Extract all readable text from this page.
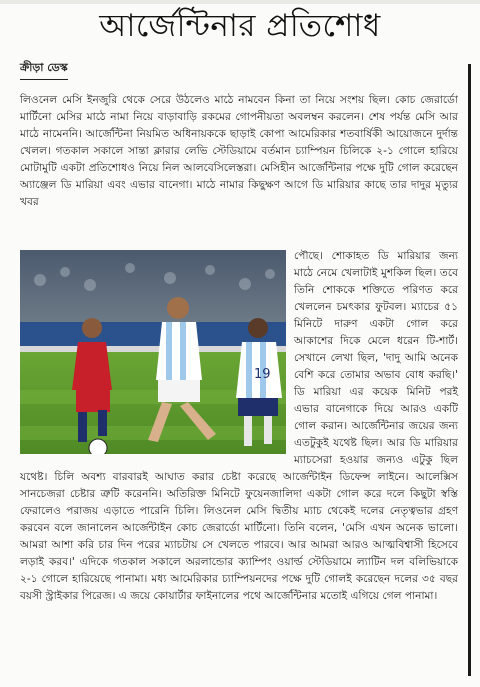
আর্জেন্টিনার প্রতিশোধ
ক্রীড়া ডেস্ক

লিওনেল মেসি ইনজুরি থেকে সেরে উঠলেও মাঠে নামবেন কিনা তা নিয়ে সংশয় ছিল। কোচ জেরার্ডো মার্টিনো মেসির মাঠে নামা নিয়ে বাড়াবাড়ি রকমের গোপনীয়তা অবলম্বন করলেন। শেষ পর্যন্ত মেসি আর মাঠে নামেননি। আর্জেন্টিনা নিয়মিত অধিনায়ককে ছাড়াই কোপা আমেরিকার শতবার্ষিকী আয়োজনে দুর্দান্ত খেলল। গতকাল সকালে সান্তা ক্লারার লেভি স্টেডিয়ামে বর্তমান চ্যাম্পিয়ন চিলিকে ২-১ গোলে হারিয়ে মোটামুটি একটা প্রতিশোধও নিয়ে নিল আলবেসিলেস্তরা। মেসিহীন আর্জেন্টিনার পক্ষে দুটি গোল করেছেন অ্যাঞ্জেল ডি মারিয়া এবং এভার বানেগা। মাঠে নামার কিছুক্ষণ আগে ডি মারিয়ার কাছে তার দাদুর মৃত্যুর খবর

19
পৌছে। শোকাহত ডি মারিয়ার জন্য মাঠে নেমে খেলাটাই মুশকিল ছিল। তবে তিনি শোককে শক্তিতে পরিণত করে খেললেন চমৎকার ফুটবল। ম্যাচের ৫১ মিনিটে দারুণ একটা গোল করে আকাশের দিকে মেলে ধরেন টি-শার্ট। সেখানে লেখা ছিল, 'দাদু আমি অনেক বেশি করে তোমার অভাব বোধ করছি।' ডি মারিয়া এর কয়েক মিনিট পরই এভার বানেগাকে দিয়ে আরও একটি গোল করান। আর্জেন্টিনার জয়ের জন্য এতটুকুই যথেষ্ট ছিল। আর ডি মারিয়ার ম্যাচসেরা হওয়ার জন্যও এটুকু ছিল যথেষ্ট। চিলি অবশ্য বারবারই আঘাত করার চেষ্টা করেছে আর্জেন্টাইন ডিফেন্স লাইনে। আলেক্সিস সানচেজরা চেষ্টার ত্রুটি করেননি। অতিরিক্ত মিনিটে ফুয়েনজালিদা একটা গোল করে দলে কিছুটা স্বস্তি ফেরালেও পরাজয় এড়াতে পারেনি চিলি। লিওনেল মেসি দ্বিতীয় ম্যাচ থেকেই দলের নেতৃত্বভার গ্রহণ করবেন বলে জানালেন আর্জেন্টাইন কোচ জেরার্ডো মার্টিনো। তিনি বলেন, 'মেসি এখন অনেক ভালো। আমরা আশা করি চার দিন পরের ম্যাচটায় সে খেলতে পারবে। আর আমরা আরও আত্মবিশ্বাসী হিসেবে লড়াই করব।' এদিকে গতকাল সকালে অরলান্ডোর ক্যাম্পিং ওয়ার্ল্ড স্টেডিয়ামে ল্যাটিন দল বলিভিয়াকে ২-১ গোলে হারিয়েছে পানামা। মধ্য আমেরিকার চ্যাম্পিয়নদের পক্ষে দুটি গোলই করেছেন দলের ৩৫ বছর বয়সী স্ট্রাইকার পিরেজ। এ জয়ে কোয়ার্টার ফাইনালের পথে আর্জেন্টিনার মতোই এগিয়ে গেল পানামা।
